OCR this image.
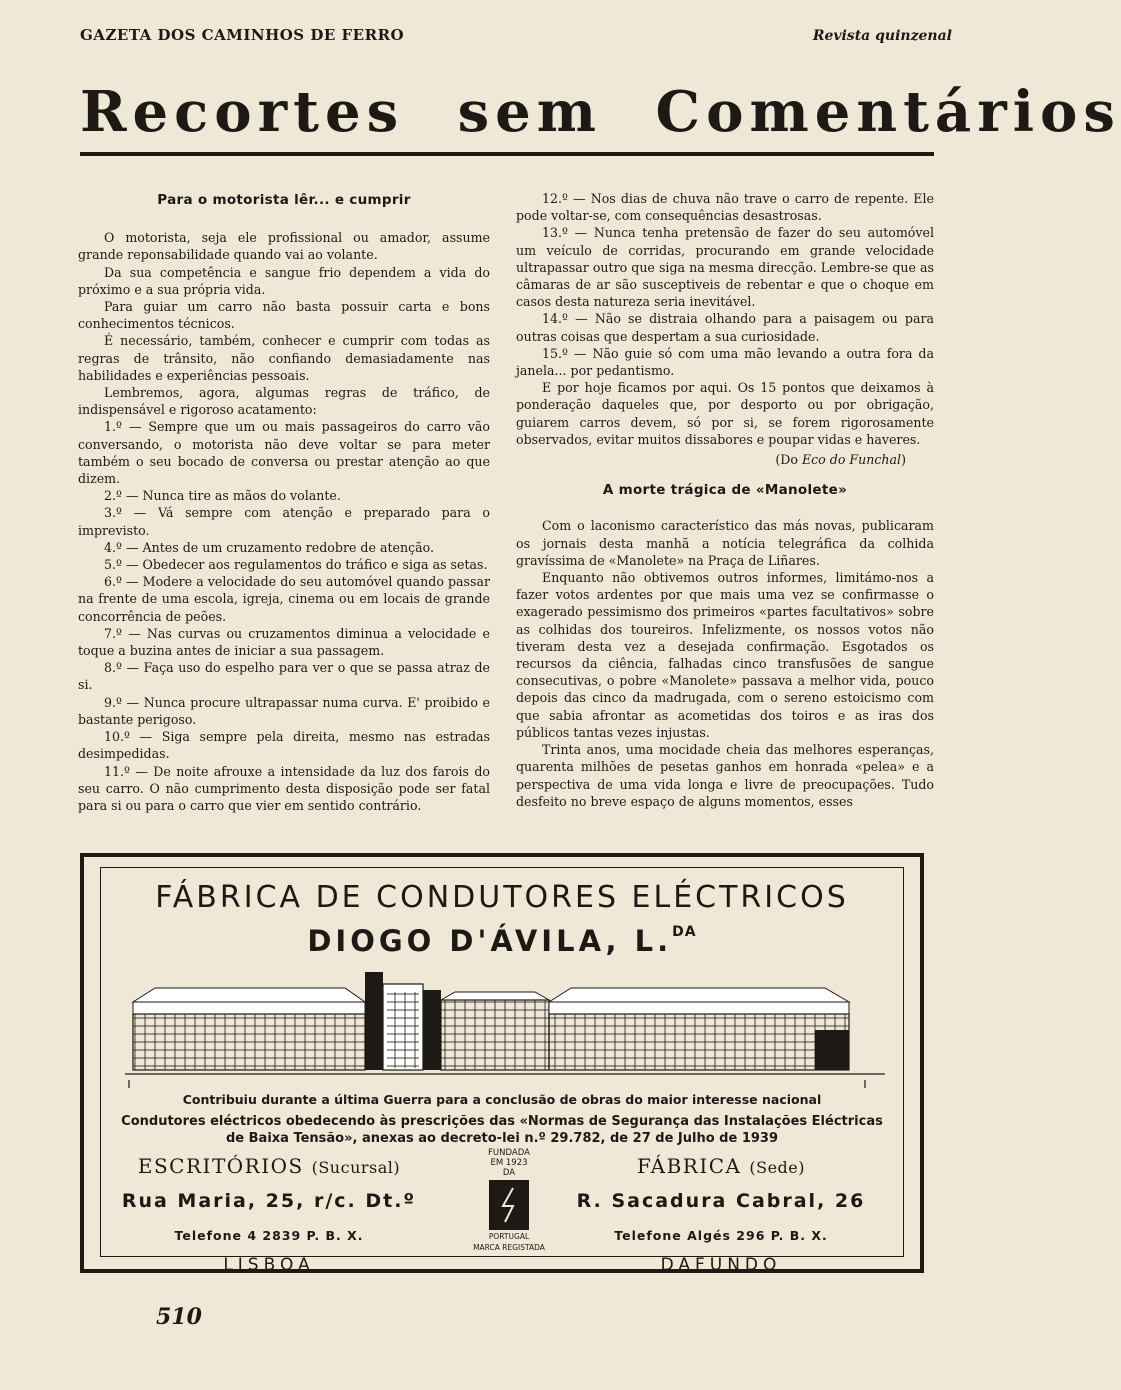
GAZETA DOS CAMINHOS DE FERRO	Revista quinzenal
Recortes sem Comentários
Para o motorista lêr... e cumprir

O motorista, seja ele profissional ou amador, assume grande reponsabilidade quando vai ao volante.

Da sua competência e sangue frio dependem a vida do próximo e a sua própria vida.

Para guiar um carro não basta possuir carta e bons conhecimentos técnicos.

É necessário, também, conhecer e cumprir com todas as regras de trânsito, não confiando demasiadamente nas habilidades e experiências pessoais.

Lembremos, agora, algumas regras de tráfico, de indispensável e rigoroso acatamento:

1.º — Sempre que um ou mais passageiros do carro vão conversando, o motorista não deve voltar se para meter também o seu bocado de conversa ou prestar atenção ao que dizem.

2.º — Nunca tire as mãos do volante.

3.º — Vá sempre com atenção e preparado para o imprevisto.

4.º — Antes de um cruzamento redobre de atenção.

5.º — Obedecer aos regulamentos do tráfico e siga as setas.

6.º — Modere a velocidade do seu automóvel quando passar na frente de uma escola, igreja, cinema ou em locais de grande concorrência de peões.

7.º — Nas curvas ou cruzamentos diminua a velocidade e toque a buzina antes de iniciar a sua passagem.

8.º — Faça uso do espelho para ver o que se passa atraz de si.

9.º — Nunca procure ultrapassar numa curva. E' proibido e bastante perigoso.

10.º — Siga sempre pela direita, mesmo nas estradas desimpedidas.

11.º — De noite afrouxe a intensidade da luz dos farois do seu carro. O não cumprimento desta disposição pode ser fatal para si ou para o carro que vier em sentido contrário.

12.º — Nos dias de chuva não trave o carro de repente. Ele pode voltar-se, com consequências desastrosas.

13.º — Nunca tenha pretensão de fazer do seu automóvel um veículo de corridas, procurando em grande velocidade ultrapassar outro que siga na mesma direcção. Lembre-se que as câmaras de ar são susceptiveis de rebentar e que o choque em casos desta natureza seria inevitável.

14.º — Não se distraia olhando para a paisagem ou para outras coisas que despertam a sua curiosidade.

15.º — Não guie só com uma mão levando a outra fora da janela... por pedantismo.

E por hoje ficamos por aqui. Os 15 pontos que deixamos à ponderação daqueles que, por desporto ou por obrigação, guiarem carros devem, só por si, se forem rigorosamente observados, evitar muitos dissabores e poupar vidas e haveres.

(Do Eco do Funchal)

A morte trágica de «Manolete»

Com o laconismo característico das más novas, publicaram os jornais desta manhã a notícia telegráfica da colhida gravíssima de «Manolete» na Praça de Liñares.

Enquanto não obtivemos outros informes, limitámo-nos a fazer votos ardentes por que mais uma vez se confirmasse o exagerado pessimismo dos primeiros «partes facultativos» sobre as colhidas dos toureiros. Infelizmente, os nossos votos não tiveram desta vez a desejada confirmação. Esgotados os recursos da ciência, falhadas cinco transfusões de sangue consecutivas, o pobre «Manolete» passava a melhor vida, pouco depois das cinco da madrugada, com o sereno estoicismo com que sabia afrontar as acometidas dos toiros e as iras dos públicos tantas vezes injustas.

Trinta anos, uma mocidade cheia das melhores esperanças, quarenta milhões de pesetas ganhos em honrada «pelea» e a perspectiva de uma vida longa e livre de preocupações. Tudo desfeito no breve espaço de alguns momentos, esses

FÁBRICA DE CONDUTORES ELÉCTRICOS
DIOGO D'ÁVILA, L.$^{DA}$
Contribuiu durante a última Guerra para a conclusão de obras do maior interesse nacional
Condutores eléctricos obedecendo às prescrições das «Normas de Segurança das Instalações Eléctricas de Baixa Tensão», anexas ao decreto-lei n.º 29.782, de 27 de Julho de 1939
ESCRITÓRIOS (Sucursal)
Rua Maria, 25, r/c. Dt.º
Telefone 4 2839 P. B. X.
LISBOA
FUNDADA
EM 1923
DA
PORTUGAL
MARCA REGISTADA
FÁBRICA (Sede)
R. Sacadura Cabral, 26
Telefone Algés 296 P. B. X.
DAFUNDO
510
